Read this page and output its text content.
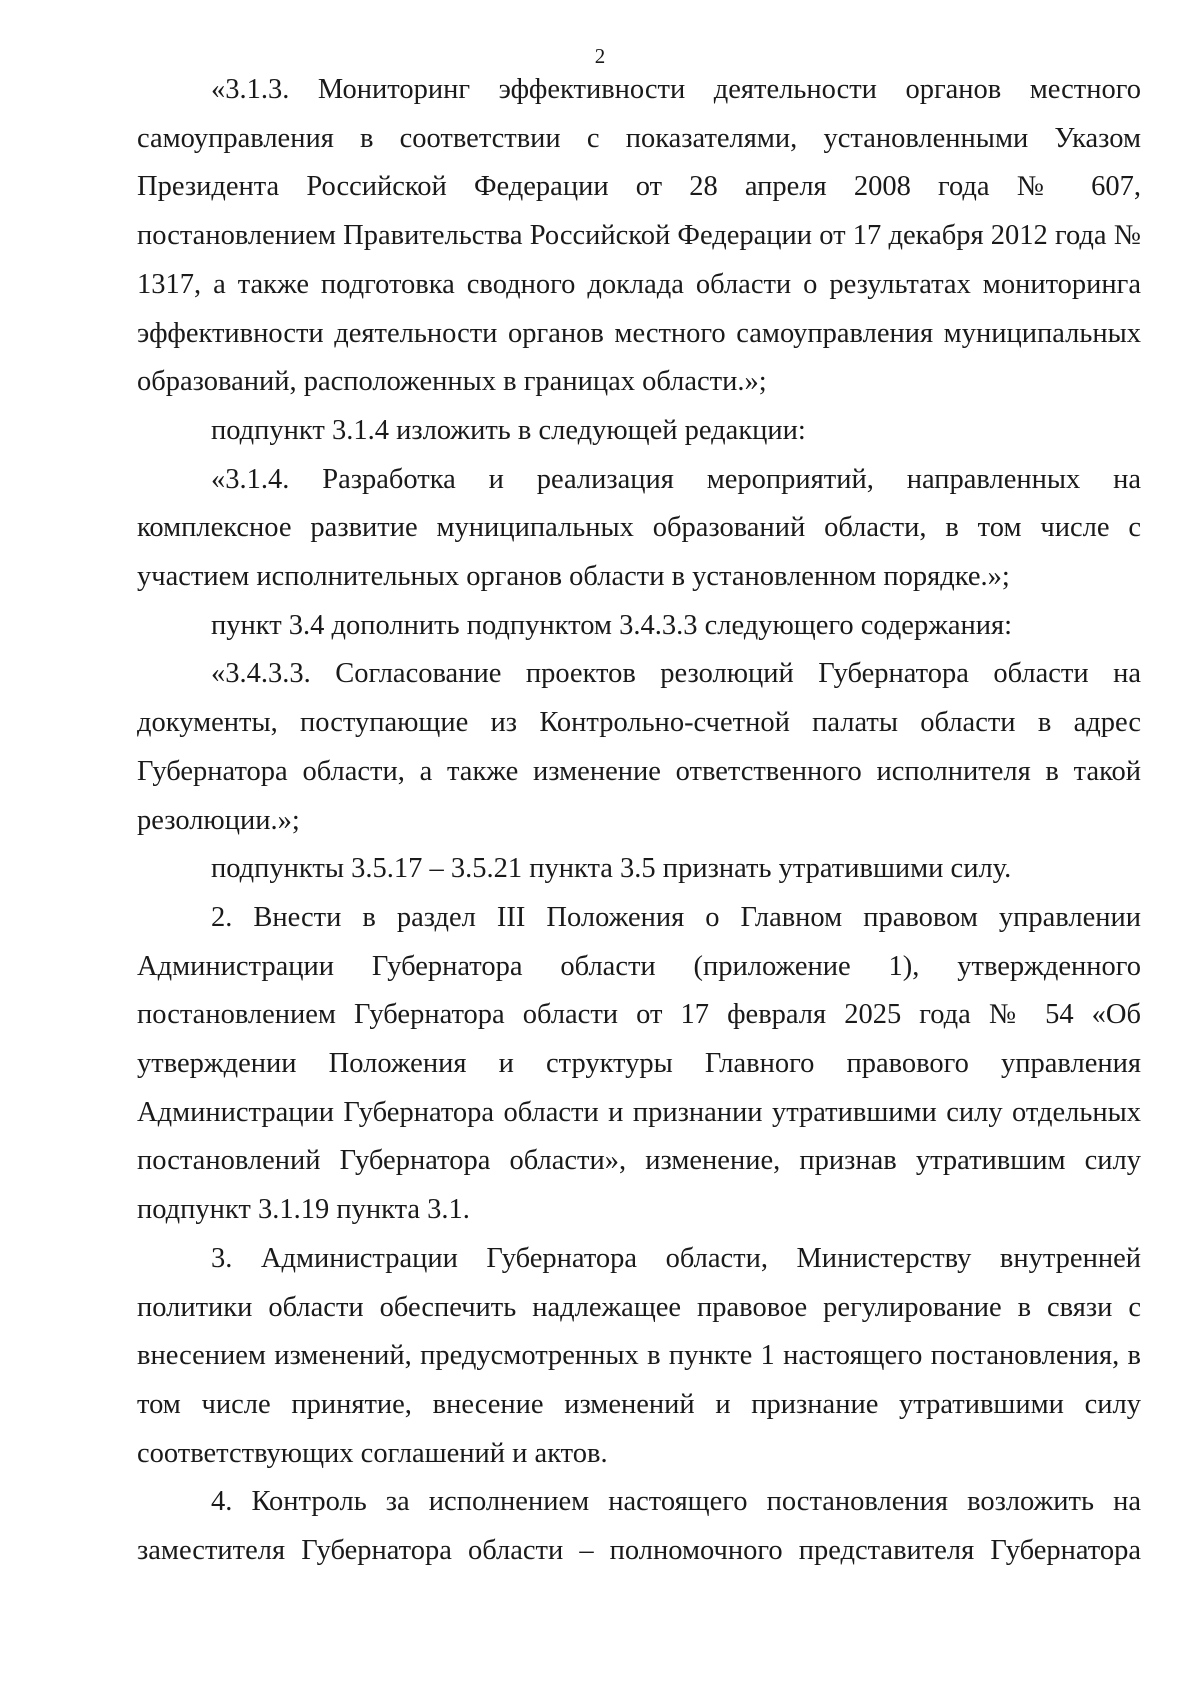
2

«3.1.3. Мониторинг эффективности деятельности органов местного самоуправления в соответствии с показателями, установленными Указом Президента Российской Федерации от 28 апреля 2008 года № 607, постановлением Правительства Российской Федерации от 17 декабря 2012 года № 1317, а также подготовка сводного доклада области о результатах мониторинга эффективности деятельности органов местного самоуправления муниципальных образований, расположенных в границах области.»;

подпункт 3.1.4 изложить в следующей редакции:

«3.1.4. Разработка и реализация мероприятий, направленных на комплексное развитие муниципальных образований области, в том числе с участием исполнительных органов области в установленном порядке.»;

пункт 3.4 дополнить подпунктом 3.4.3.3 следующего содержания:

«3.4.3.3. Согласование проектов резолюций Губернатора области на документы, поступающие из Контрольно-счетной палаты области в адрес Губернатора области, а также изменение ответственного исполнителя в такой резолюции.»;

подпункты 3.5.17 – 3.5.21 пункта 3.5 признать утратившими силу.

2. Внести в раздел III Положения о Главном правовом управлении Администрации Губернатора области (приложение 1), утвержденного постановлением Губернатора области от 17 февраля 2025 года № 54 «Об утверждении Положения и структуры Главного правового управления Администрации Губернатора области и признании утратившими силу отдельных постановлений Губернатора области», изменение, признав утратившим силу подпункт 3.1.19 пункта 3.1.

3. Администрации Губернатора области, Министерству внутренней политики области обеспечить надлежащее правовое регулирование в связи с внесением изменений, предусмотренных в пункте 1 настоящего постановления, в том числе принятие, внесение изменений и признание утратившими силу соответствующих соглашений и актов.

4. Контроль за исполнением настоящего постановления возложить на заместителя Губернатора области – полномочного представителя Губернатора
